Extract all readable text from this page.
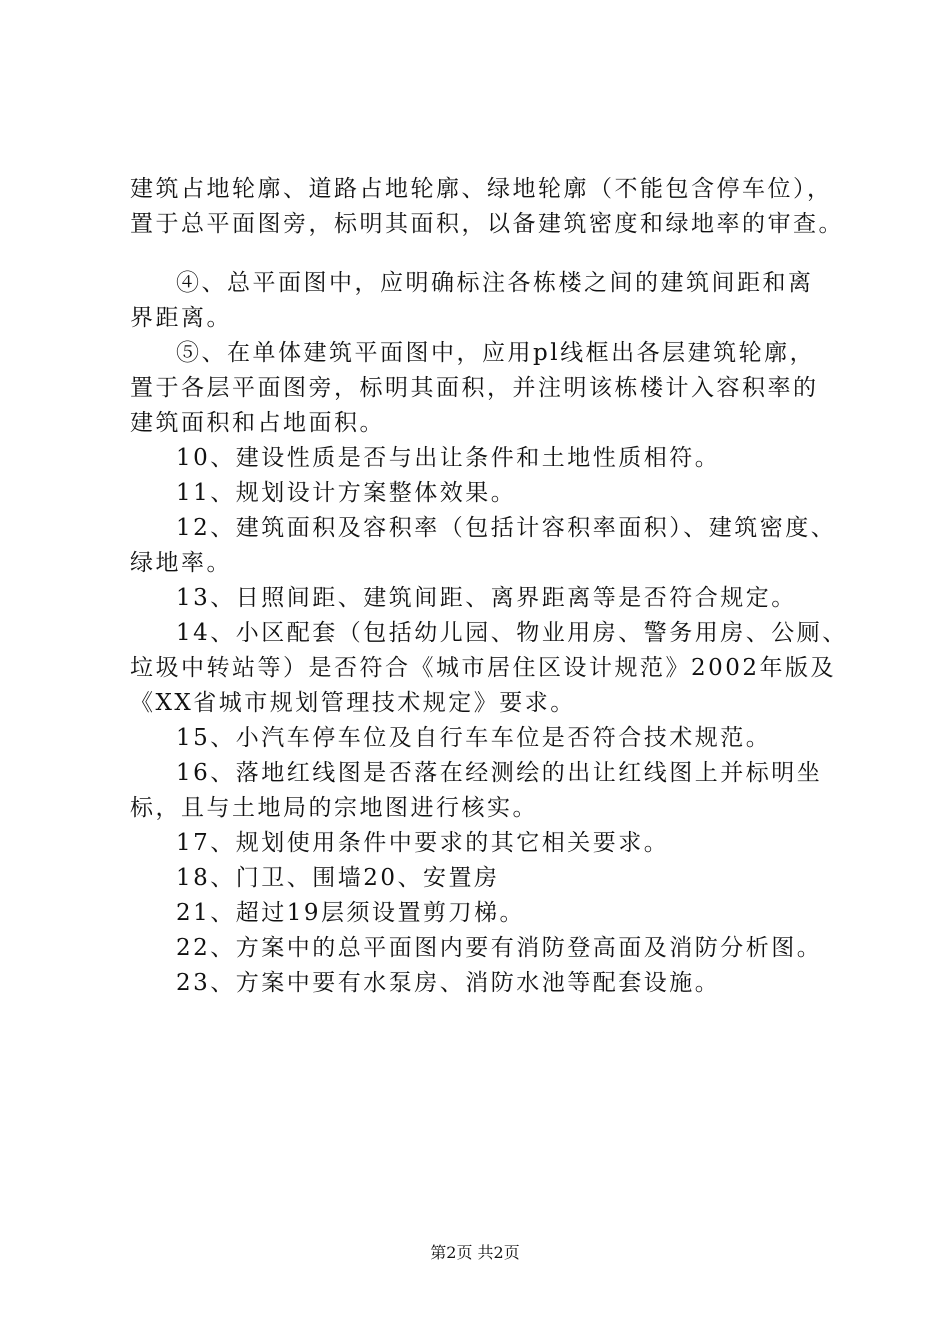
建筑占地轮廓、道路占地轮廓、绿地轮廓（不能包含停车位），
置于总平面图旁，标明其面积，以备建筑密度和绿地率的审查。
④、总平面图中，应明确标注各栋楼之间的建筑间距和离
界距离。
⑤、在单体建筑平面图中，应用pl线框出各层建筑轮廓，
置于各层平面图旁，标明其面积，并注明该栋楼计入容积率的
建筑面积和占地面积。
10、建设性质是否与出让条件和土地性质相符。
11、规划设计方案整体效果。
12、建筑面积及容积率（包括计容积率面积）、建筑密度、
绿地率。
13、日照间距、建筑间距、离界距离等是否符合规定。
14、小区配套（包括幼儿园、物业用房、警务用房、公厕、
垃圾中转站等）是否符合《城市居住区设计规范》2002年版及
《XX省城市规划管理技术规定》要求。
15、小汽车停车位及自行车车位是否符合技术规范。
16、落地红线图是否落在经测绘的出让红线图上并标明坐
标，且与土地局的宗地图进行核实。
17、规划使用条件中要求的其它相关要求。
18、门卫、围墙20、安置房
21、超过19层须设置剪刀梯。
22、方案中的总平面图内要有消防登高面及消防分析图。
23、方案中要有水泵房、消防水池等配套设施。
第2页 共2页
